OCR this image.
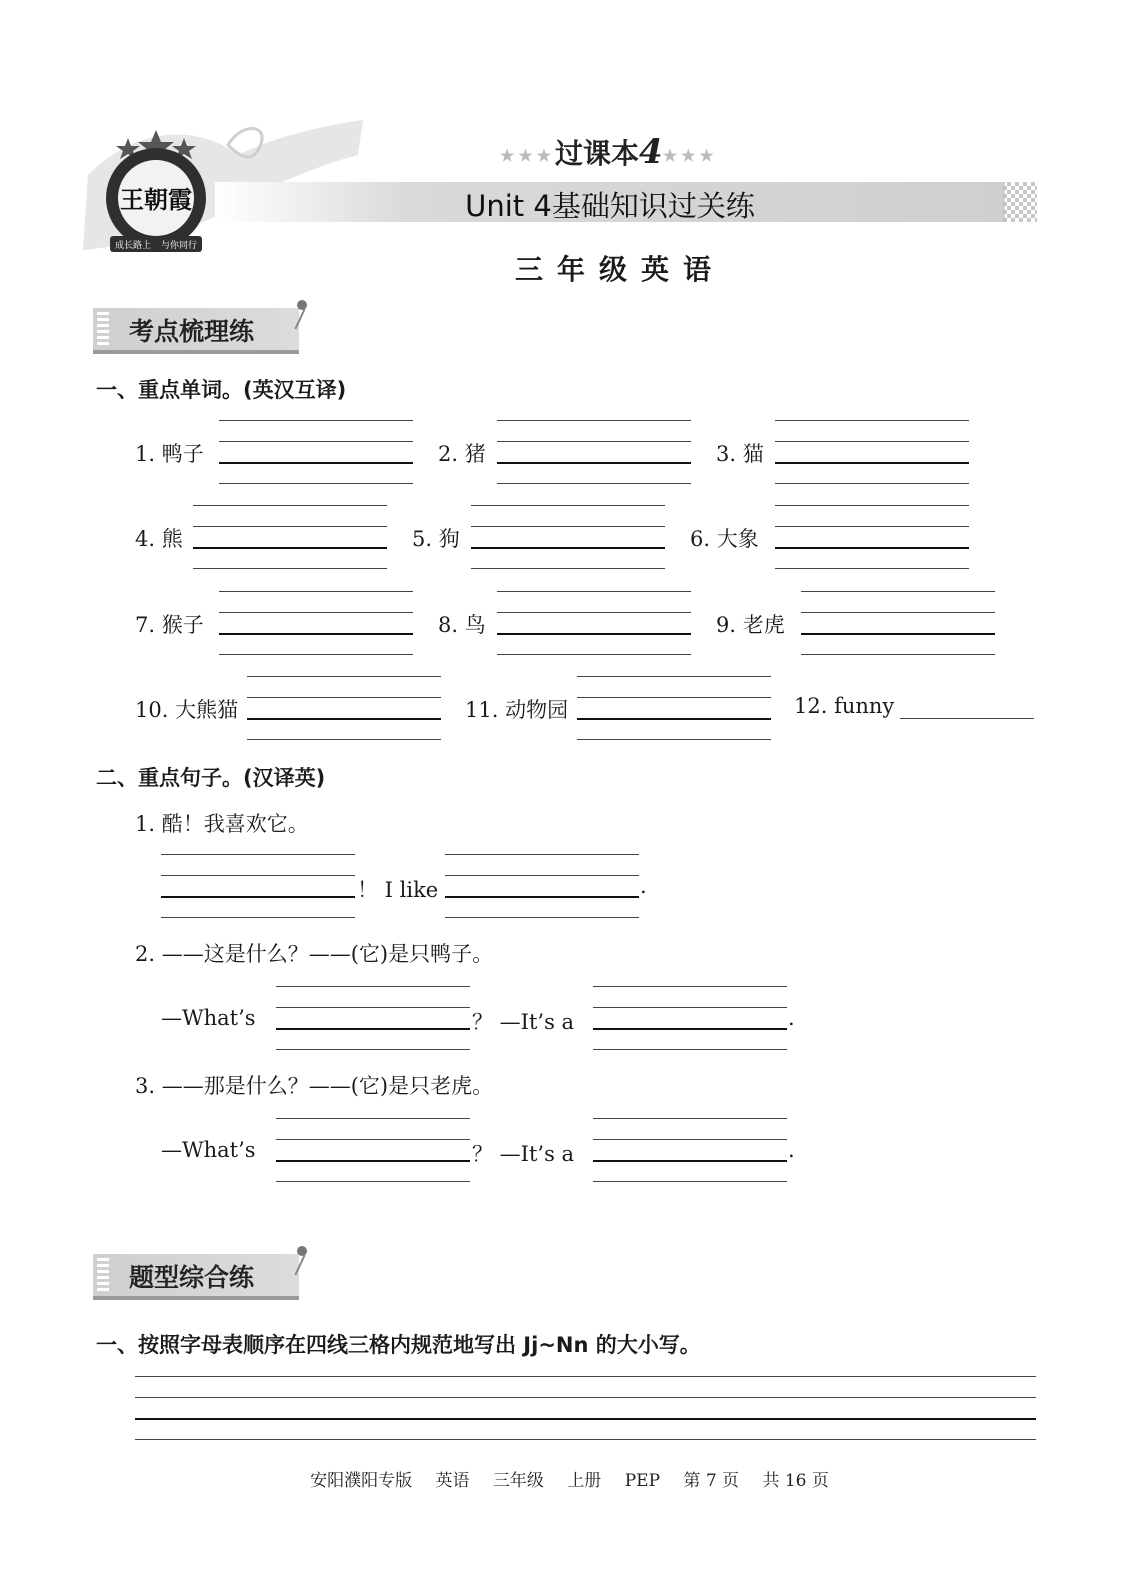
王朝霞
成长路上 与你同行
★★★过课本4★★★
Unit 4基础知识过关练
三年级英语
考点梳理练
一、重点单词。(英汉互译)
1. 鸭子	2. 猪	3. 猫
4. 熊	5. 狗	6. 大象
7. 猴子	8. 鸟	9. 老虎
10. 大熊猫	11. 动物园	12. funny
二、重点句子。(汉译英)
1. 酷！我喜欢它。
！ I like	.
2. ——这是什么？——(它)是只鸭子。
—What’s	？ —It’s a	.
3. ——那是什么？——(它)是只老虎。
—What’s	？ —It’s a	.
题型综合练
一、按照字母表顺序在四线三格内规范地写出 Jj~Nn 的大小写。
安阳濮阳专版 英语 三年级 上册 PEP 第 7 页 共 16 页
